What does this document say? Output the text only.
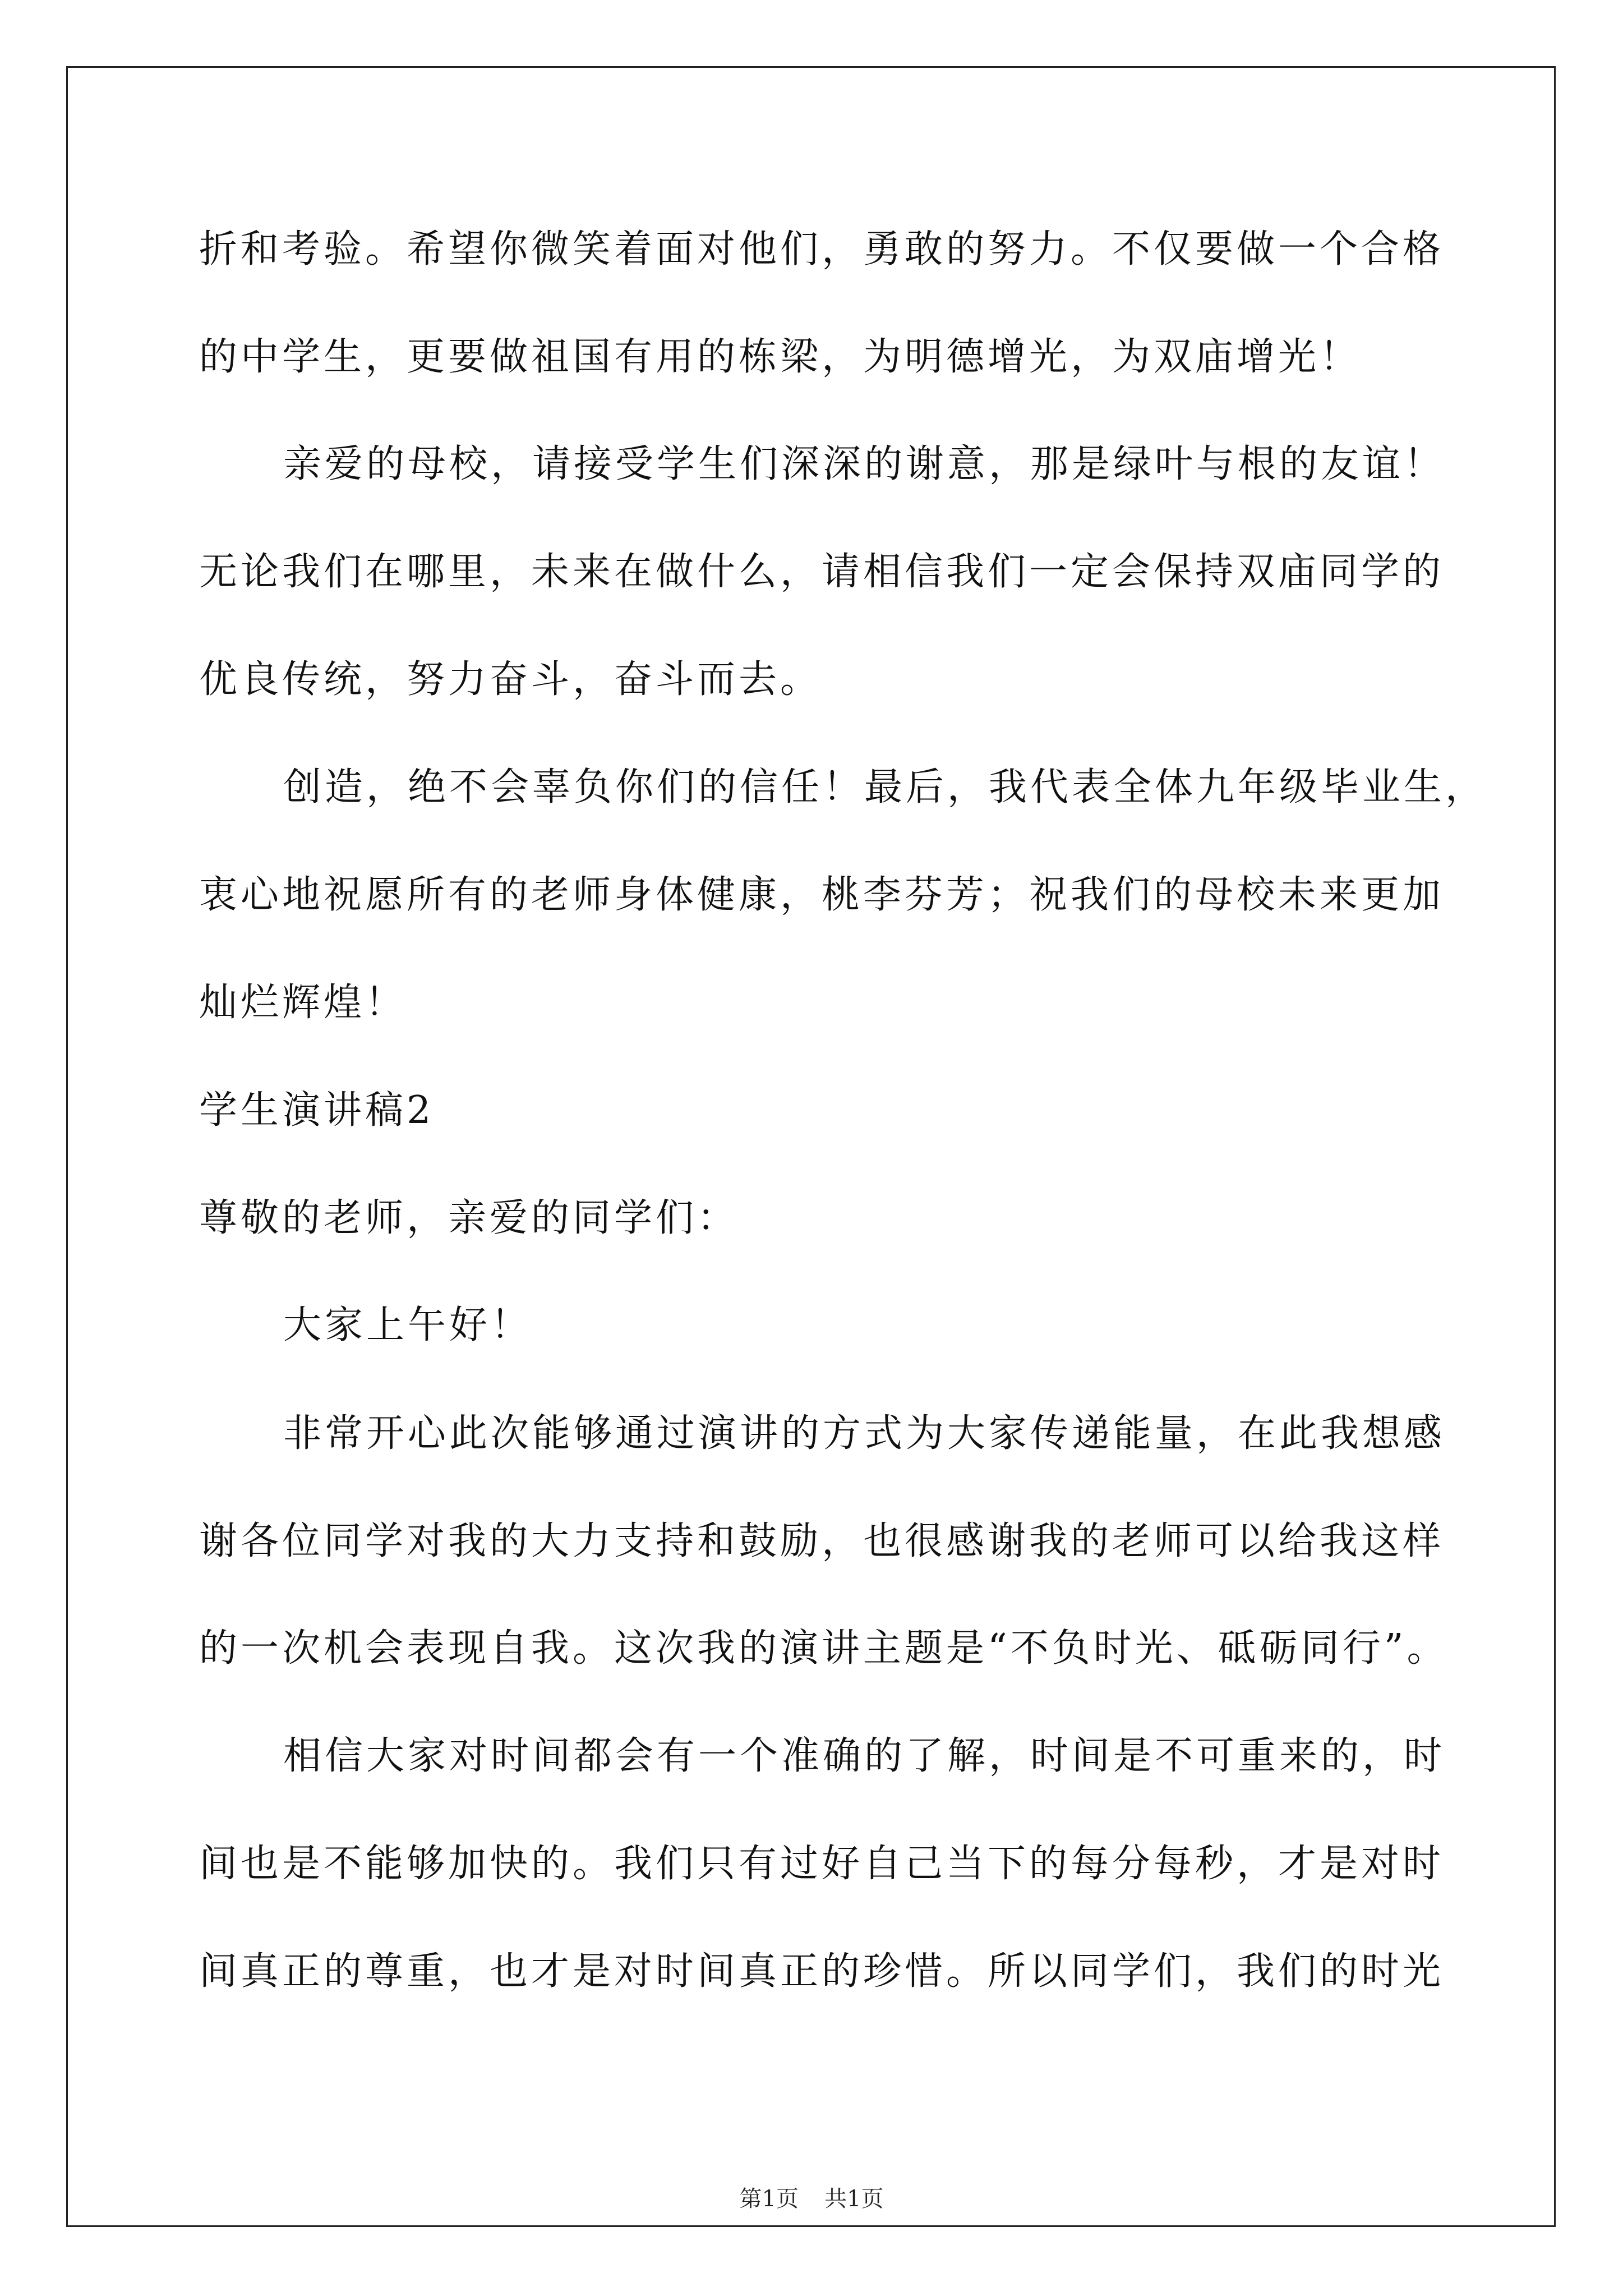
折和考验。希望你微笑着面对他们，勇敢的努力。不仅要做一个合格
的中学生，更要做祖国有用的栋梁，为明德增光，为双庙增光！
亲爱的母校，请接受学生们深深的谢意，那是绿叶与根的友谊！
无论我们在哪里，未来在做什么，请相信我们一定会保持双庙同学的
优良传统，努力奋斗，奋斗而去。
创造，绝不会辜负你们的信任！最后，我代表全体九年级毕业生，
衷心地祝愿所有的老师身体健康，桃李芬芳；祝我们的母校未来更加
灿烂辉煌！
学生演讲稿2
尊敬的老师，亲爱的同学们：
大家上午好！
非常开心此次能够通过演讲的方式为大家传递能量，在此我想感
谢各位同学对我的大力支持和鼓励，也很感谢我的老师可以给我这样
的一次机会表现自我。这次我的演讲主题是“不负时光、砥砺同行”。
相信大家对时间都会有一个准确的了解，时间是不可重来的，时
间也是不能够加快的。我们只有过好自己当下的每分每秒，才是对时
间真正的尊重，也才是对时间真正的珍惜。所以同学们，我们的时光
第1页 共1页
